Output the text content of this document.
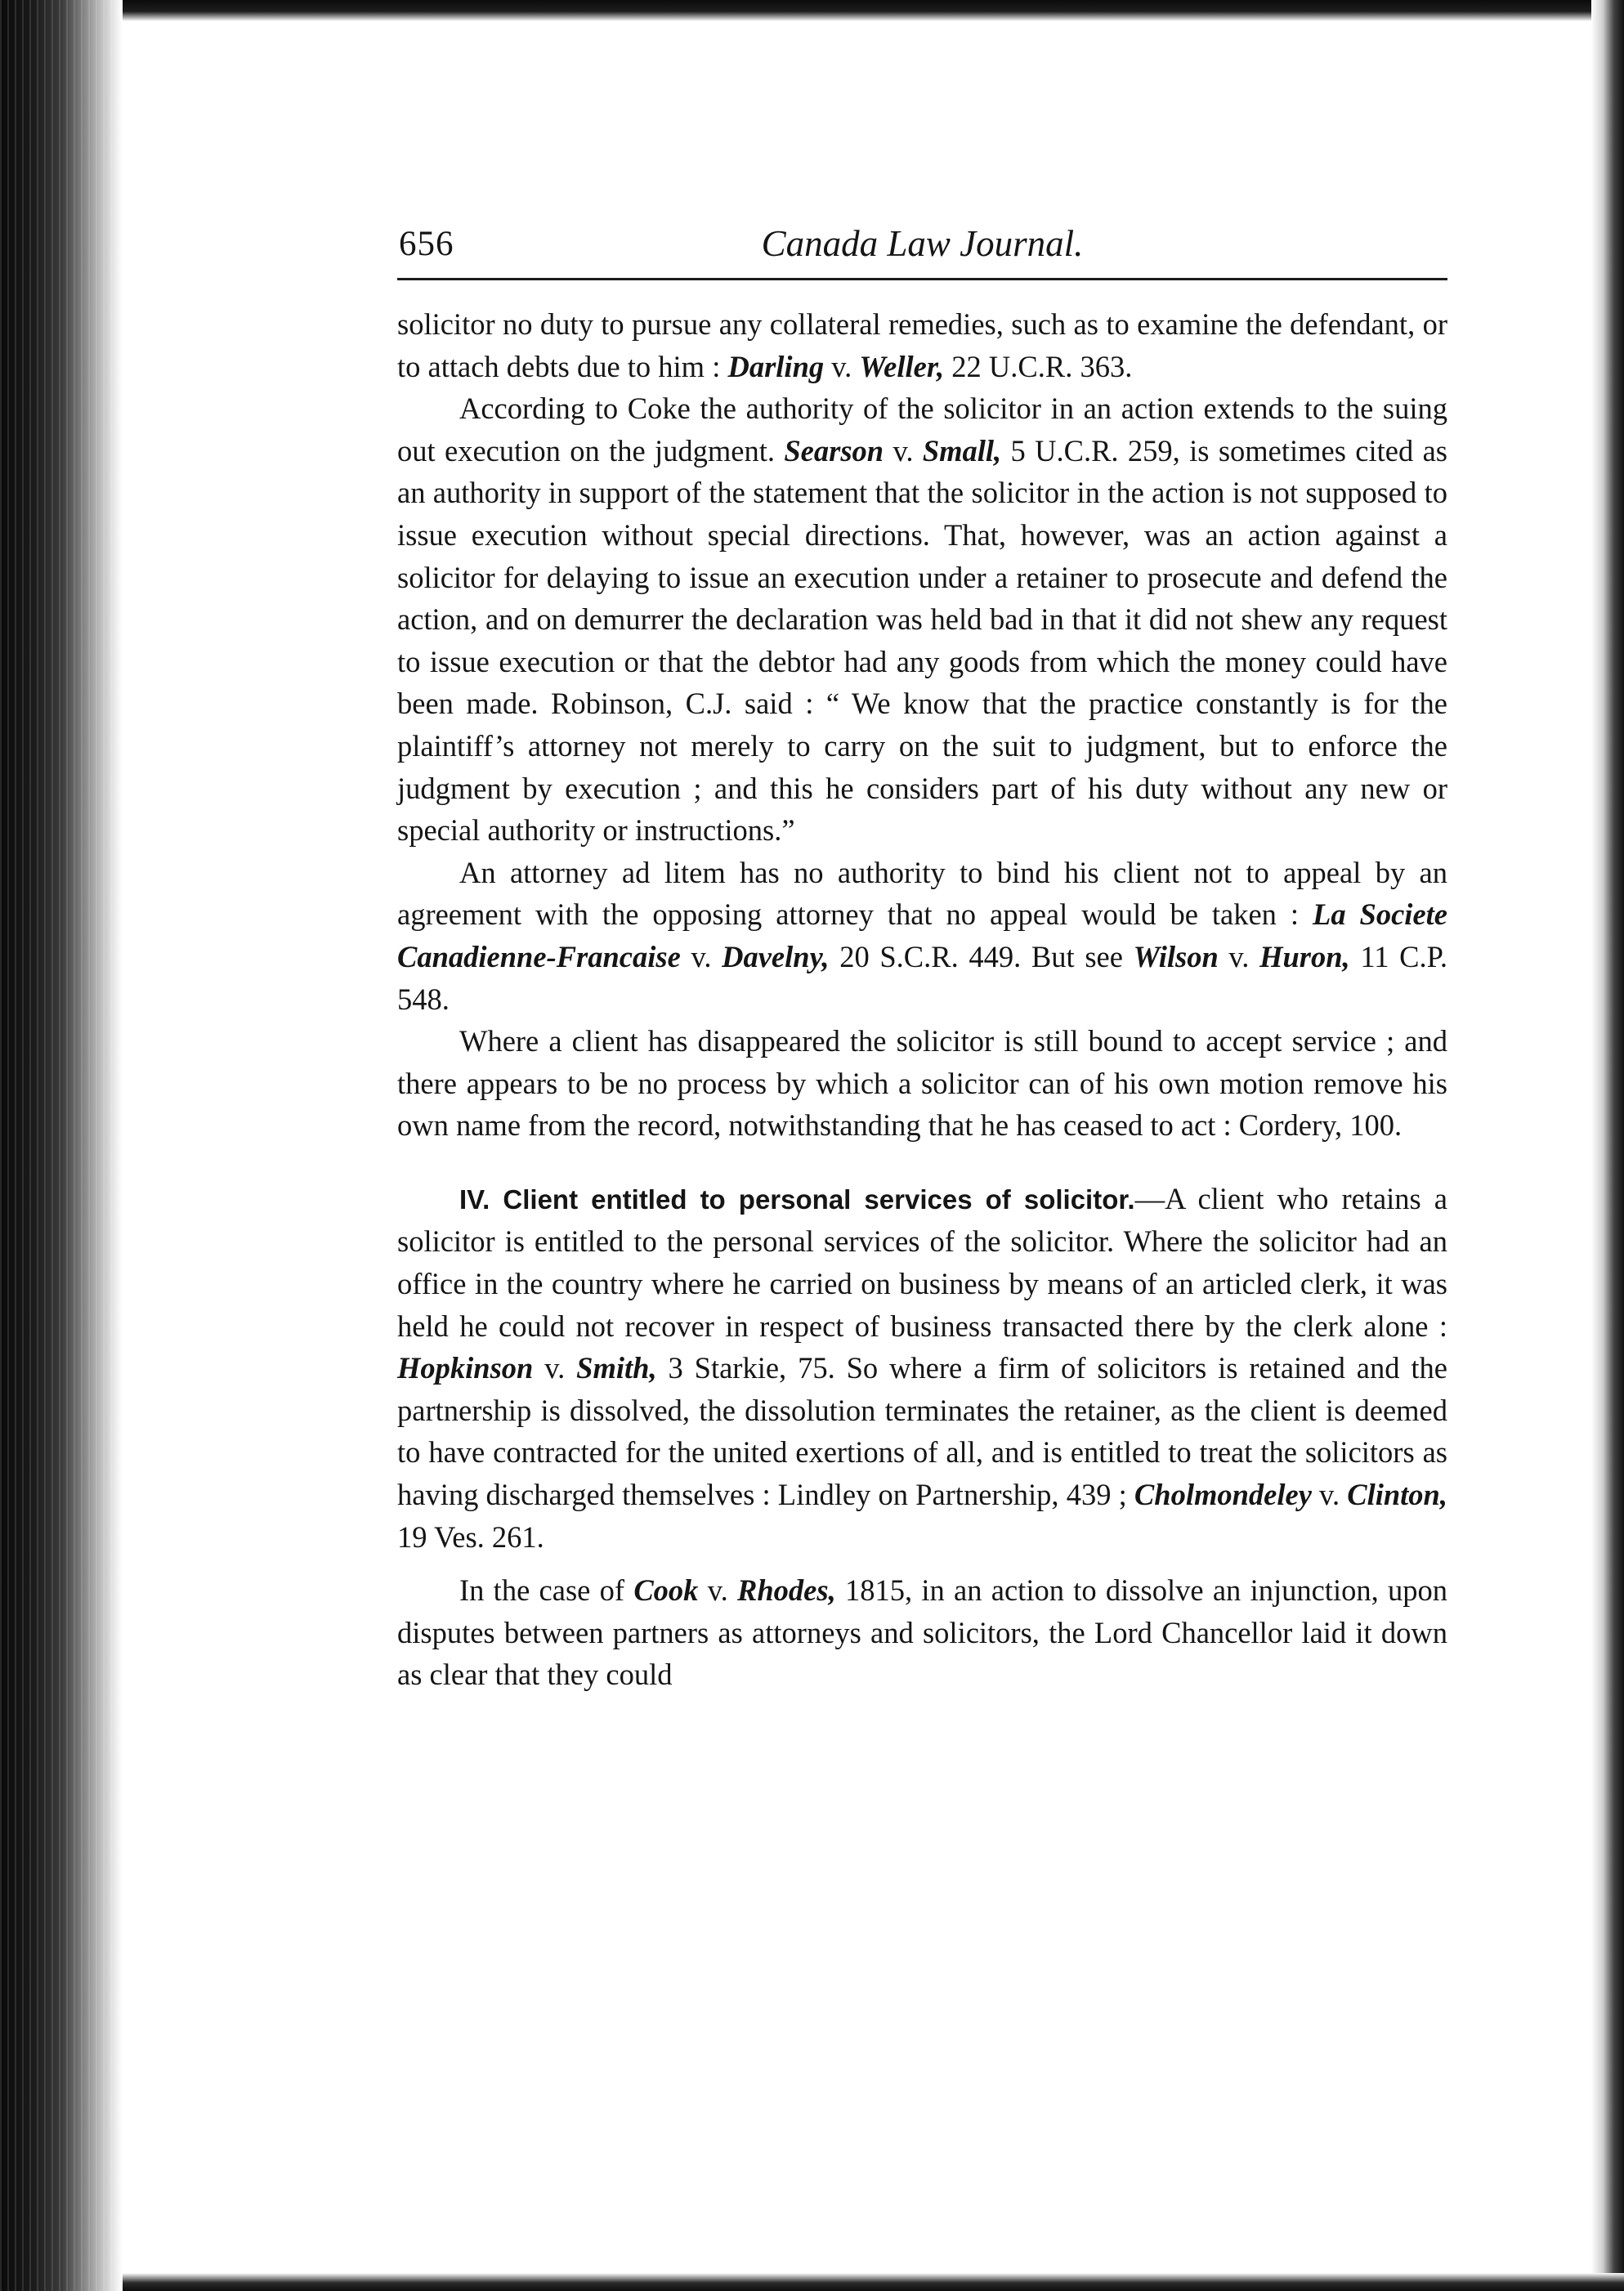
656	Canada Law Journal.

solicitor no duty to pursue any collateral remedies, such as to examine the defendant, or to attach debts due to him : Darling v. Weller, 22 U.C.R. 363.

According to Coke the authority of the solicitor in an action extends to the suing out execution on the judgment. Searson v. Small, 5 U.C.R. 259, is sometimes cited as an authority in support of the statement that the solicitor in the action is not supposed to issue execution without special directions. That, however, was an action against a solicitor for delaying to issue an execution under a retainer to prosecute and defend the action, and on demurrer the declaration was held bad in that it did not shew any request to issue execution or that the debtor had any goods from which the money could have been made. Robinson, C.J. said : “ We know that the practice constantly is for the plaintiff’s attorney not merely to carry on the suit to judgment, but to enforce the judgment by execution ; and this he considers part of his duty without any new or special authority or instructions.”

An attorney ad litem has no authority to bind his client not to appeal by an agreement with the opposing attorney that no appeal would be taken : La Societe Canadienne-Francaise v. Davelny, 20 S.C.R. 449. But see Wilson v. Huron, 11 C.P. 548.

Where a client has disappeared the solicitor is still bound to accept service ; and there appears to be no process by which a solicitor can of his own motion remove his own name from the record, notwithstanding that he has ceased to act : Cordery, 100.

IV. Client entitled to personal services of solicitor.—A client who retains a solicitor is entitled to the personal services of the solicitor. Where the solicitor had an office in the country where he carried on business by means of an articled clerk, it was held he could not recover in respect of business transacted there by the clerk alone : Hopkinson v. Smith, 3 Starkie, 75. So where a firm of solicitors is retained and the partnership is dissolved, the dissolution terminates the retainer, as the client is deemed to have contracted for the united exertions of all, and is entitled to treat the solicitors as having discharged themselves : Lindley on Partnership, 439 ; Cholmondeley v. Clinton, 19 Ves. 261.

In the case of Cook v. Rhodes, 1815, in an action to dissolve an injunction, upon disputes between partners as attorneys and solicitors, the Lord Chancellor laid it down as clear that they could
